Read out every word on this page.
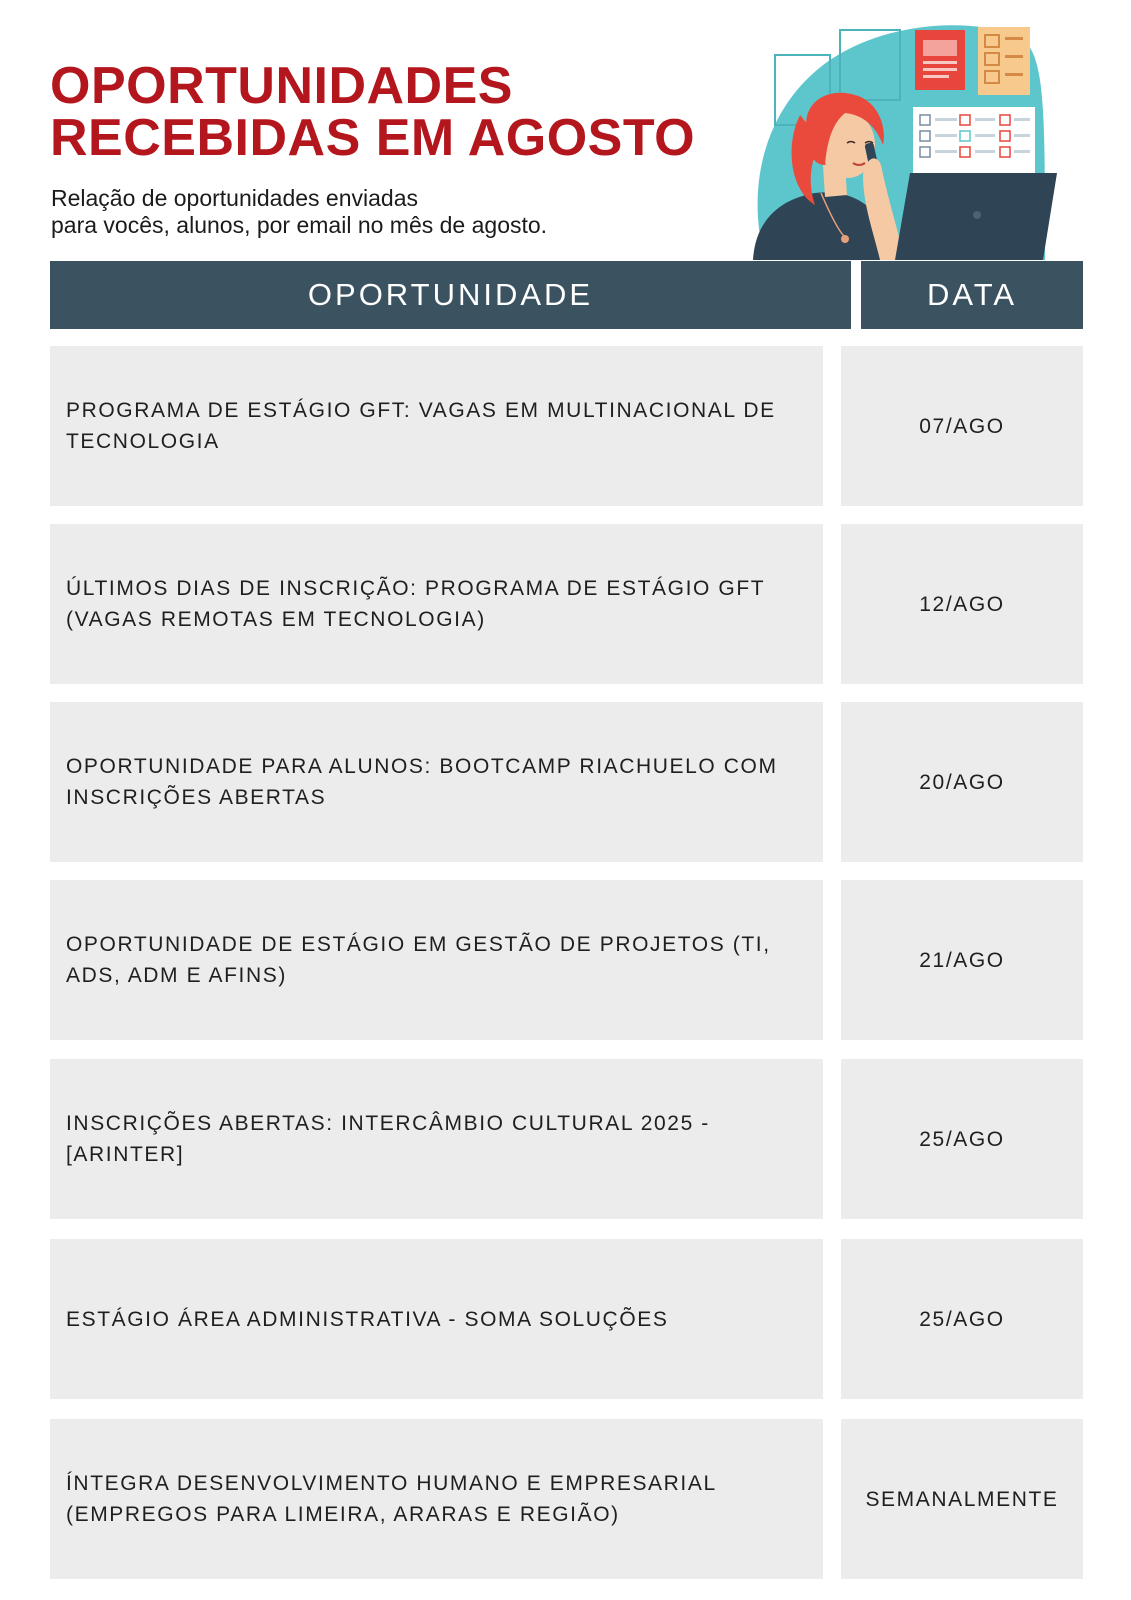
OPORTUNIDADES
RECEBIDAS EM AGOSTO
Relação de oportunidades enviadas
para vocês, alunos, por email no mês de agosto.
OPORTUNIDADE	DATA
PROGRAMA DE ESTÁGIO GFT: VAGAS EM MULTINACIONAL DE TECNOLOGIA
07/AGO
ÚLTIMOS DIAS DE INSCRIÇÃO: PROGRAMA DE ESTÁGIO GFT (VAGAS REMOTAS EM TECNOLOGIA)
12/AGO
OPORTUNIDADE PARA ALUNOS: BOOTCAMP RIACHUELO COM INSCRIÇÕES ABERTAS
20/AGO
OPORTUNIDADE DE ESTÁGIO EM GESTÃO DE PROJETOS (TI, ADS, ADM E AFINS)
21/AGO
INSCRIÇÕES ABERTAS: INTERCÂMBIO CULTURAL 2025 - [ARINTER]
25/AGO
ESTÁGIO ÁREA ADMINISTRATIVA - SOMA SOLUÇÕES	25/AGO
ÍNTEGRA DESENVOLVIMENTO HUMANO E EMPRESARIAL (EMPREGOS PARA LIMEIRA, ARARAS E REGIÃO)
SEMANALMENTE
